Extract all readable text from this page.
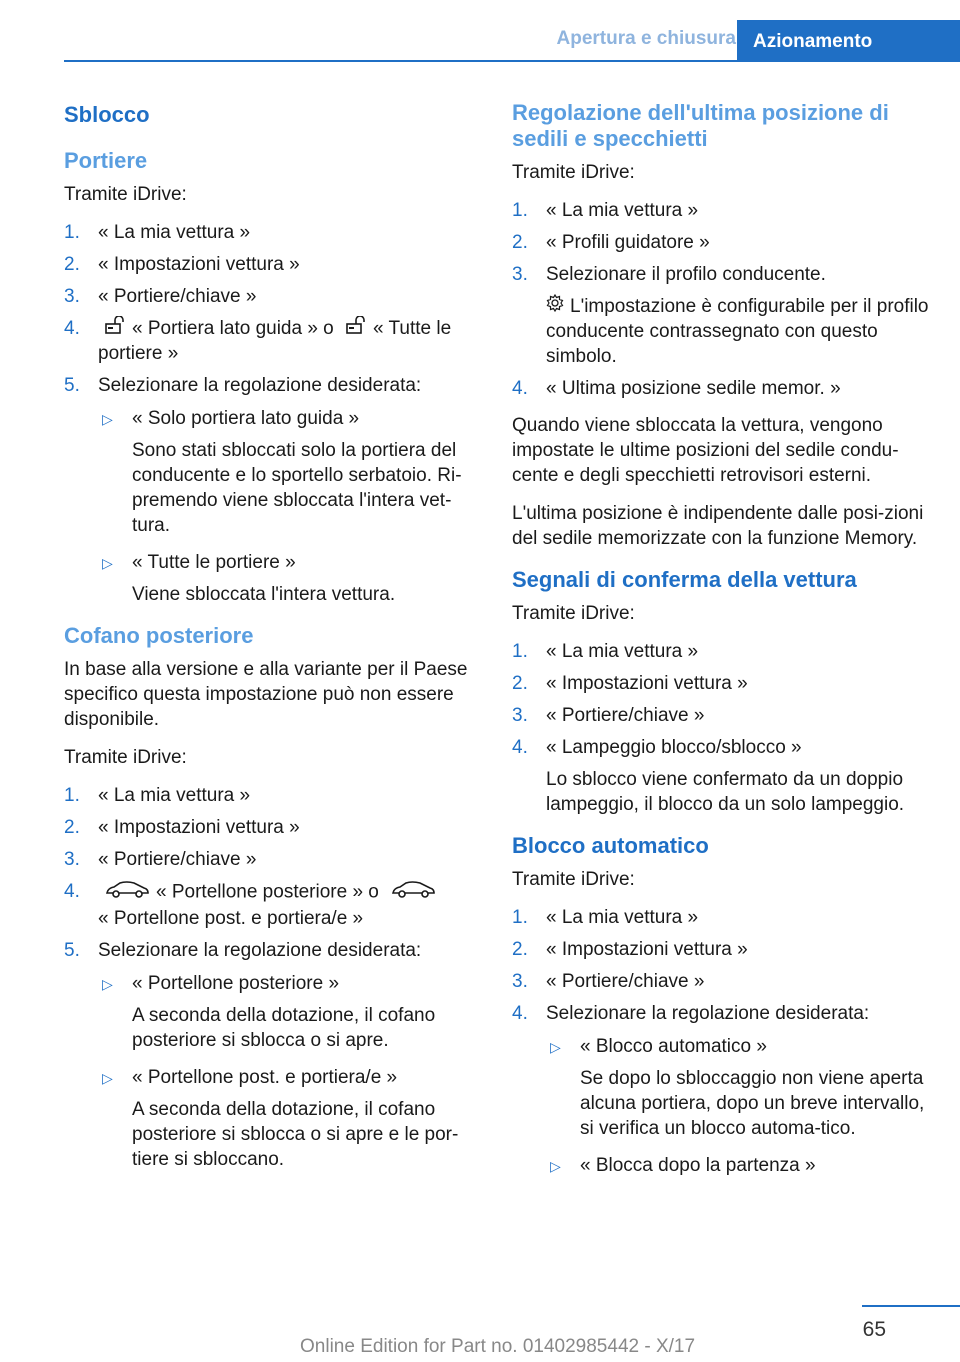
Apertura e chiusura Azionamento
Sblocco
Portiere
Tramite iDrive:
1. « La mia vettura »
2. « Impostazioni vettura »
3. « Portiere/chiave »
4.	« Portiera lato guida » o « Tutte le portiere »
5. Selezionare la regolazione desiderata:
▷ « Solo portiera lato guida »
Sono stati sbloccati solo la portiera del conducente e lo sportello serbatoio. Ri-premendo viene sbloccata l'intera vet-tura.
▷ « Tutte le portiere »
Viene sbloccata l'intera vettura.
Cofano posteriore
In base alla versione e alla variante per il Paese specifico questa impostazione può non essere disponibile.
Tramite iDrive:
1. « La mia vettura »
2. « Impostazioni vettura »
3. « Portiere/chiave »
4.	« Portellone posteriore » o
« Portellone post. e portiera/e »
5. Selezionare la regolazione desiderata:
▷ « Portellone posteriore »
A seconda della dotazione, il cofano posteriore si sblocca o si apre.
▷ « Portellone post. e portiera/e »
A seconda della dotazione, il cofano posteriore si sblocca o si apre e le por-tiere si sbloccano.
Regolazione dell'ultima posizione di sedili e specchietti
Tramite iDrive:
1. « La mia vettura »
2. « Profili guidatore »
3. Selezionare il profilo conducente.
L'impostazione è configurabile per il profilo conducente contrassegnato con questo simbolo.
4. « Ultima posizione sedile memor. »
Quando viene sbloccata la vettura, vengono impostate le ultime posizioni del sedile condu-cente e degli specchietti retrovisori esterni.
L'ultima posizione è indipendente dalle posi-zioni del sedile memorizzate con la funzione Memory.
Segnali di conferma della vettura
Tramite iDrive:
1. « La mia vettura »
2. « Impostazioni vettura »
3. « Portiere/chiave »
4. « Lampeggio blocco/sblocco »
Lo sblocco viene confermato da un doppio lampeggio, il blocco da un solo lampeggio.
Blocco automatico
Tramite iDrive:
1. « La mia vettura »
2. « Impostazioni vettura »
3. « Portiere/chiave »
4. Selezionare la regolazione desiderata:
▷ « Blocco automatico »
Se dopo lo sbloccaggio non viene aperta alcuna portiera, dopo un breve intervallo, si verifica un blocco automa-tico.
▷ « Blocca dopo la partenza »
65
Online Edition for Part no. 01402985442 - X/17
